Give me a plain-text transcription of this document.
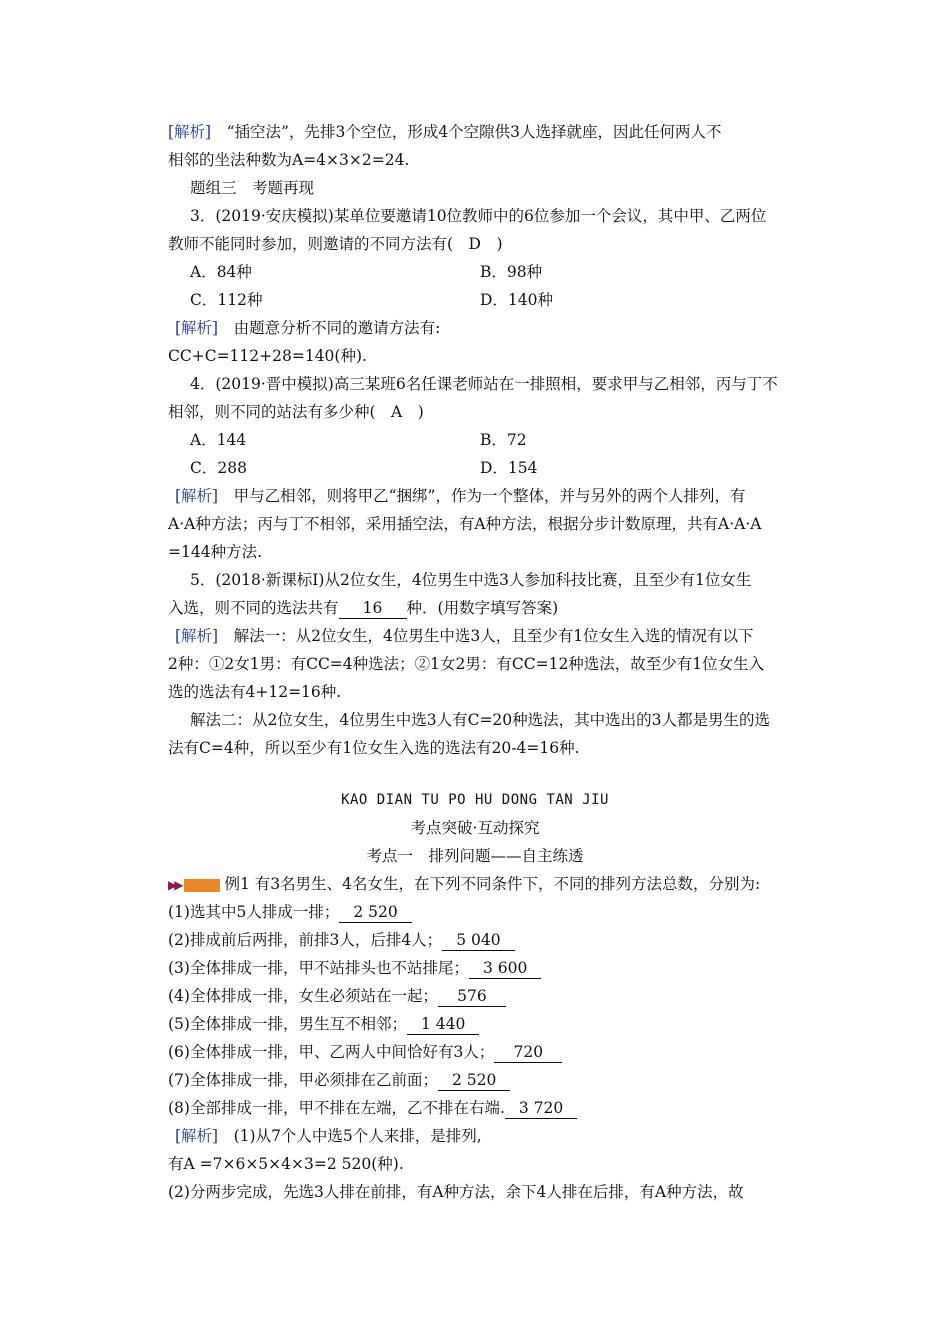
[解析]　“插空法”，先排3个空位，形成4个空隙供3人选择就座，因此任何两人不
相邻的坐法种数为A=4×3×2=24.
题组三　考题再现
3．(2019·安庆模拟)某单位要邀请10位教师中的6位参加一个会议，其中甲、乙两位
教师不能同时参加，则邀请的不同方法有(　D　)
A．84种	B．98种
C．112种	D．140种
[解析]　由题意分析不同的邀请方法有:
CC+C=112+28=140(种).
4．(2019·晋中模拟)高三某班6名任课老师站在一排照相，要求甲与乙相邻，丙与丁不
相邻，则不同的站法有多少种(　A　)
A．144	B．72
C．288	D．154
[解析]　甲与乙相邻，则将甲乙“捆绑”，作为一个整体，并与另外的两个人排列，有
A·A种方法；丙与丁不相邻，采用插空法，有A种方法，根据分步计数原理，共有A·A·A
=144种方法.
5．(2018·新课标Ⅰ)从2位女生，4位男生中选3人参加科技比赛，且至少有1位女生
入选，则不同的选法共有 16 种．(用数字填写答案)
[解析]　解法一：从2位女生，4位男生中选3人，且至少有1位女生入选的情况有以下
2种：①2女1男：有CC=4种选法；②1女2男：有CC=12种选法，故至少有1位女生入
选的选法有4+12=16种.
解法二：从2位女生，4位男生中选3人有C=20种选法，其中选出的3人都是男生的选
法有C=4种，所以至少有1位女生入选的选法有20-4=16种.
KAO DIAN TU PO HU DONG TAN JIU
考点突破·互动探究
考点一　排列问题——自主练透
▶▶	例1 有3名男生、4名女生，在下列不同条件下，不同的排列方法总数，分别为:
(1)选其中5人排成一排； 2 520
(2)排成前后两排，前排3人，后排4人； 5 040
(3)全体排成一排，甲不站排头也不站排尾； 3 600
(4)全体排成一排，女生必须站在一起； 576
(5)全体排成一排，男生互不相邻； 1 440
(6)全体排成一排，甲、乙两人中间恰好有3人； 720
(7)全体排成一排，甲必须排在乙前面； 2 520
(8)全部排成一排，甲不排在左端，乙不排在右端. 3 720
[解析]　(1)从7个人中选5个人来排，是排列,
有A =7×6×5×4×3=2 520(种).
(2)分两步完成，先选3人排在前排，有A种方法，余下4人排在后排，有A种方法，故
